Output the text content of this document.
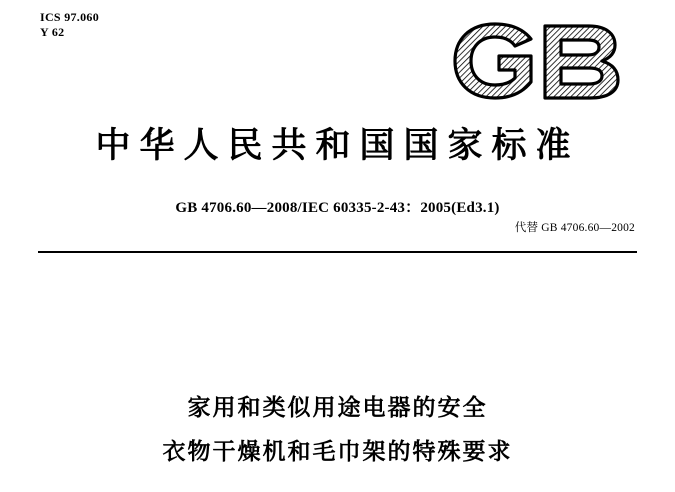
ICS 97.060
Y 62
中华人民共和国国家标准
GB 4706.60—2008/IEC 60335-2-43：2005(Ed3.1)
代替 GB 4706.60—2002
家用和类似用途电器的安全
衣物干燥机和毛巾架的特殊要求
